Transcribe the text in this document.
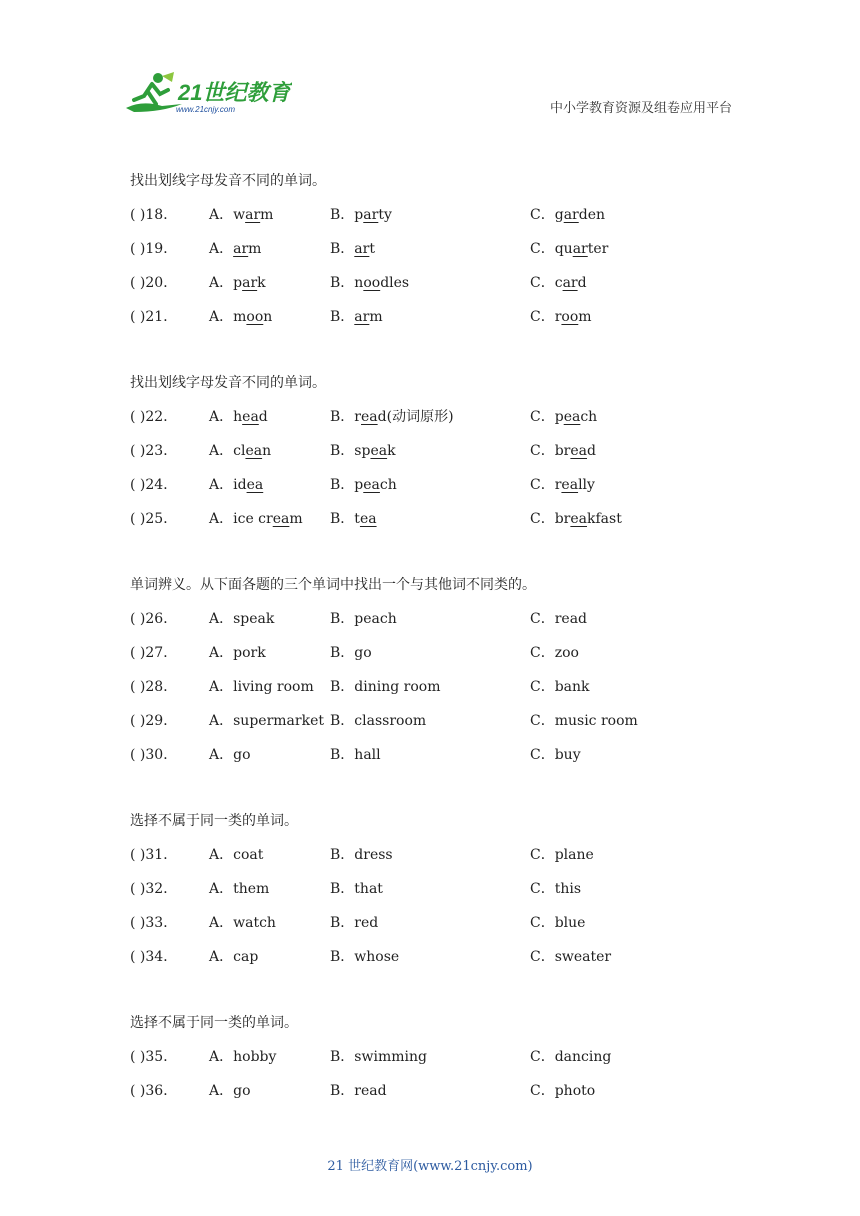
21世纪教育
www.21cnjy.com	中小学教育资源及组卷应用平台
找出划线字母发音不同的单词。
( )18． A．warm	B．party	C．garden
( )19． A．arm	B．art	C．quarter
( )20． A．park	B．noodles	C．card
( )21． A．moon	B．arm	C．room
找出划线字母发音不同的单词。
( )22． A．head	B．read(动词原形)	C．peach
( )23． A．clean	B．speak	C．bread
( )24． A．idea	B．peach	C．really
( )25． A．ice cream B．tea	C．breakfast
单词辨义。从下面各题的三个单词中找出一个与其他词不同类的。
( )26． A．speak	B．peach	C．read
( )27． A．pork	B．go	C．zoo
( )28． A．living room B．dining room	C．bank
( )29． A．supermarket B．classroom	C．music room
( )30． A．go	B．hall	C．buy
选择不属于同一类的单词。
( )31． A．coat	B．dress	C．plane
( )32． A．them	B．that	C．this
( )33． A．watch	B．red	C．blue
( )34． A．cap	B．whose	C．sweater
选择不属于同一类的单词。
( )35． A．hobby	B．swimming	C．dancing
( )36． A．go	B．read	C．photo
21 世纪教育网(www.21cnjy.com)
